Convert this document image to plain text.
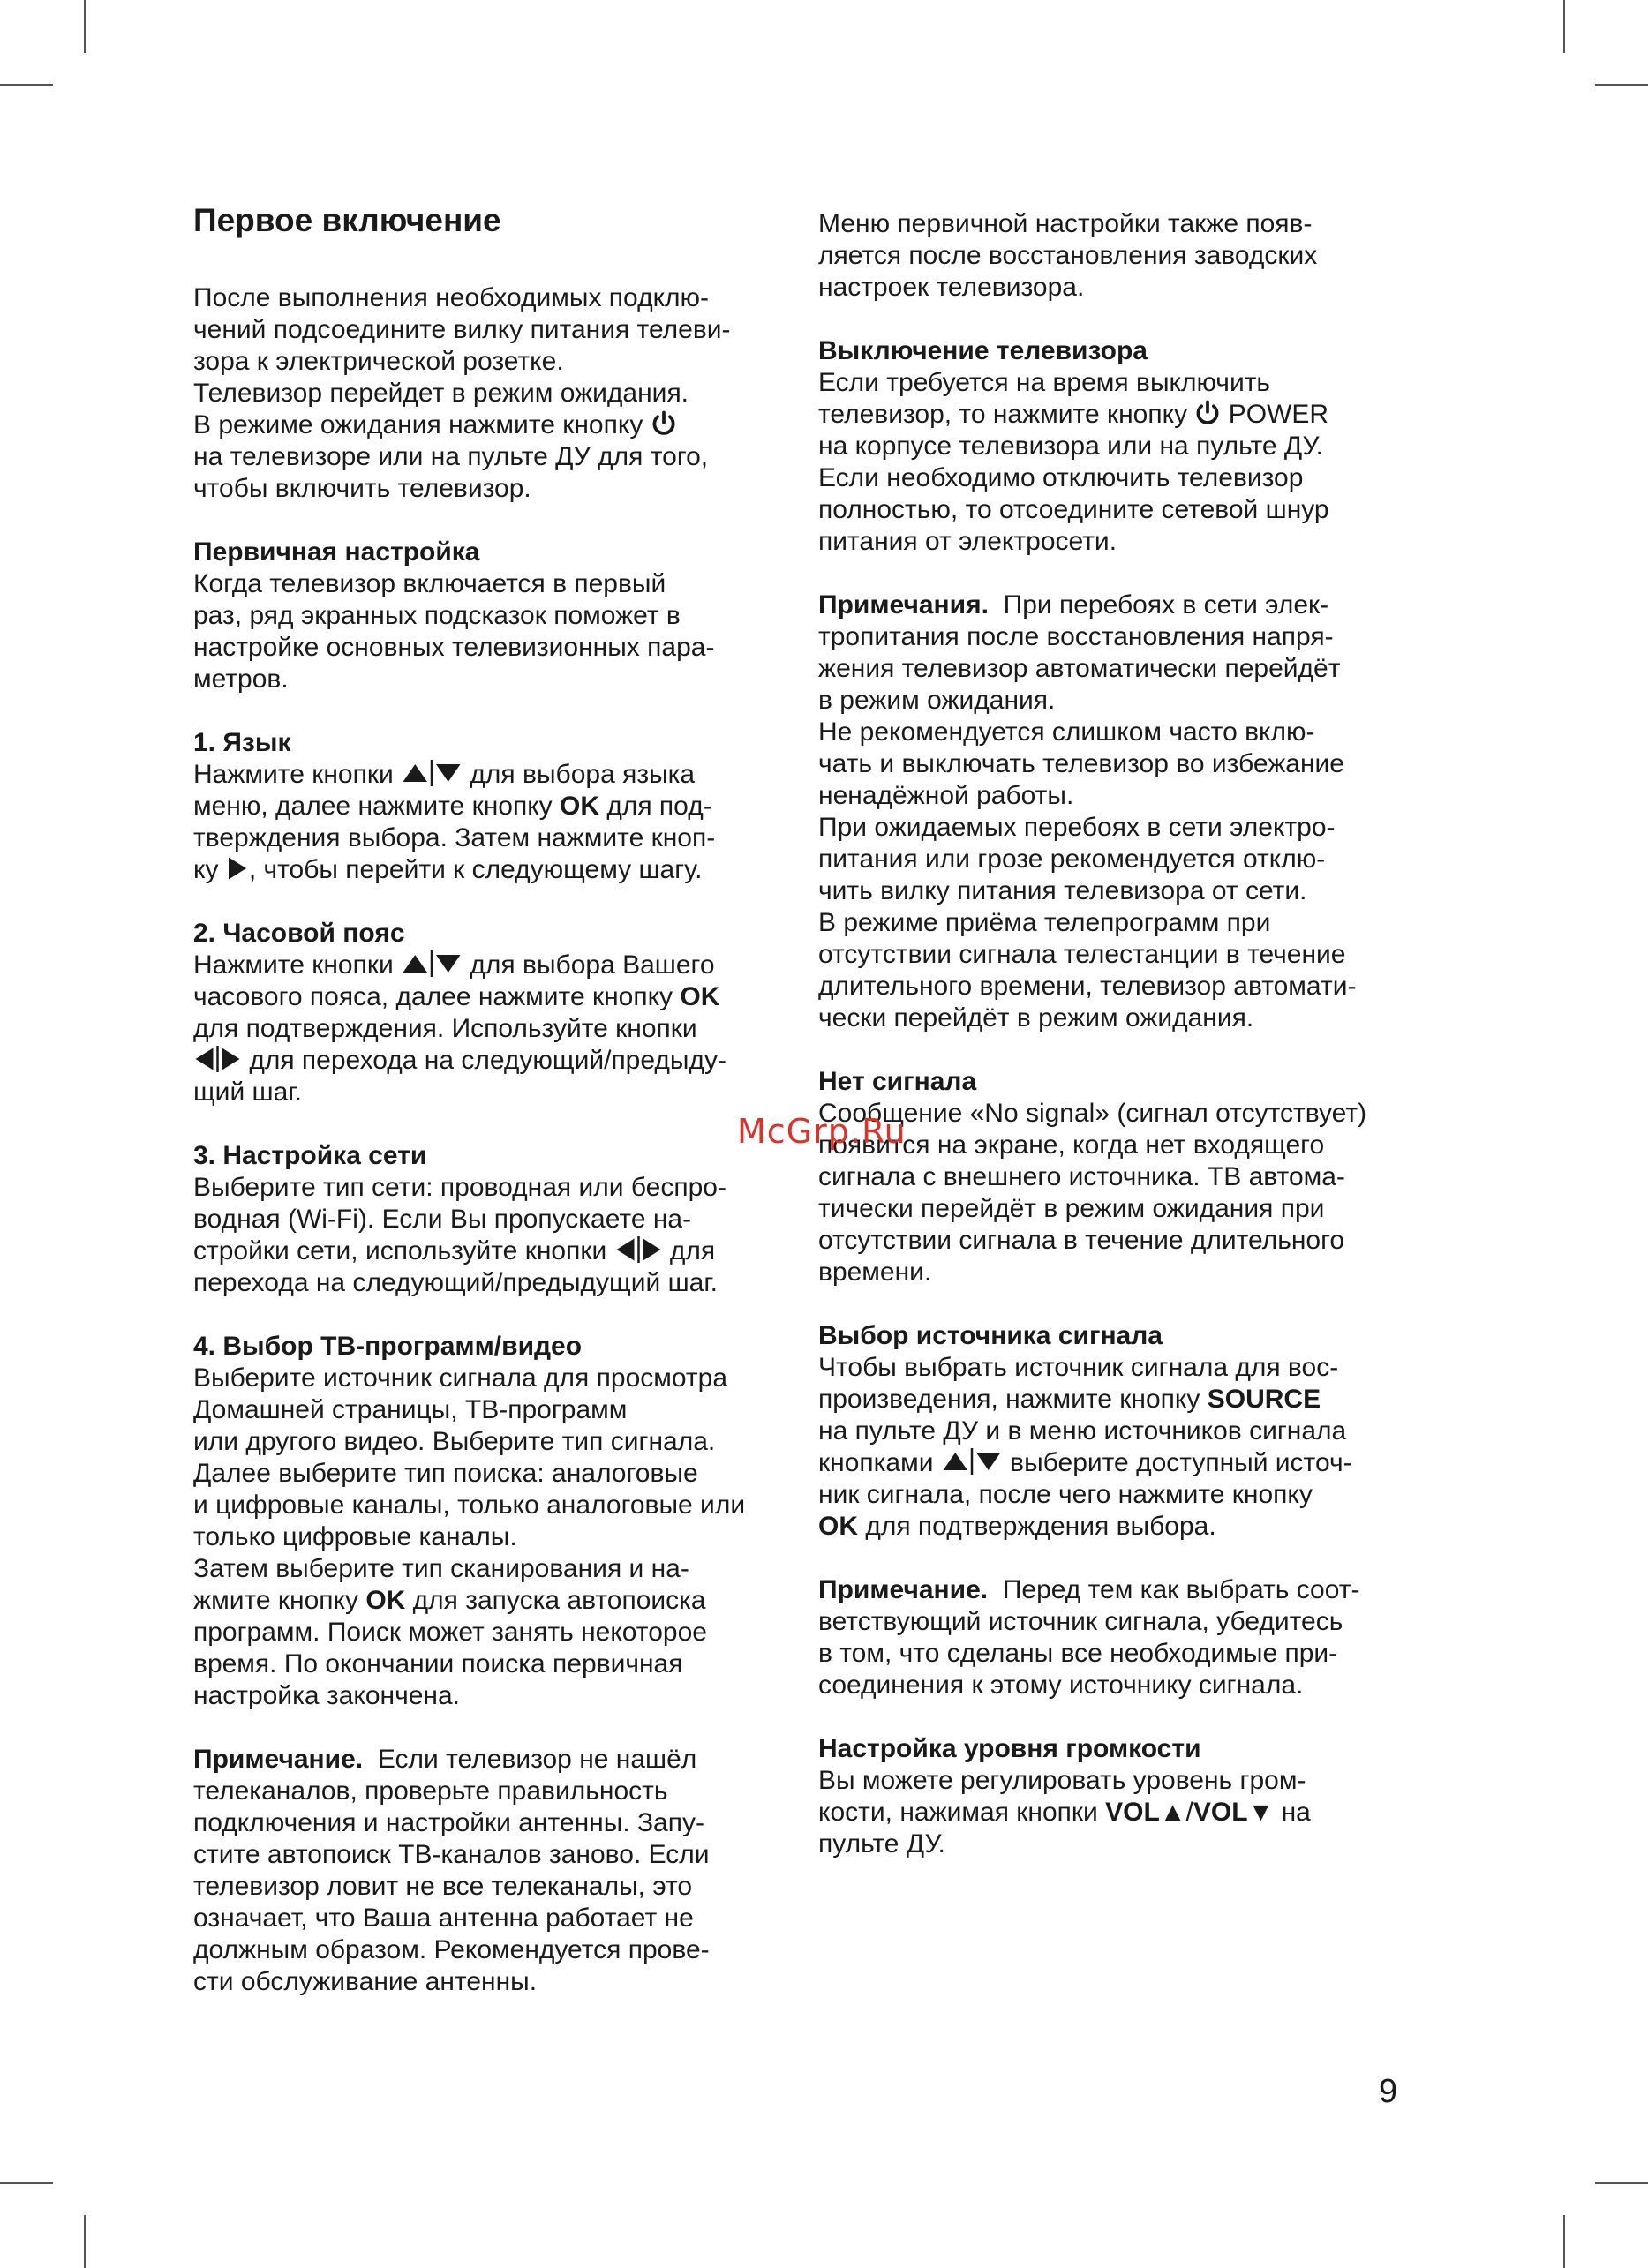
Первое включение

После выполнения необходимых подклю-

чений подсоедините вилку питания телеви-

зора к электрической розетке.

Телевизор перейдет в режим ожидания.

В режиме ожидания нажмите кнопку

на телевизоре или на пульте ДУ для того,

чтобы включить телевизор.

Первичная настройка

Когда телевизор включается в первый

раз, ряд экранных подсказок поможет в

настройке основных телевизионных пара-

метров.

1. Язык

Нажмите кнопки	для выбора языка

меню, далее нажмите кнопку OK для под-

тверждения выбора. Затем нажмите кноп-

ку , чтобы перейти к следующему шагу.

2. Часовой пояс

Нажмите кнопки	для выбора Вашего

часового пояса, далее нажмите кнопку OK

для подтверждения. Используйте кнопки

для перехода на следующий/предыду-

щий шаг.

3. Настройка сети

Выберите тип сети: проводная или беспро-

водная (Wi-Fi). Если Вы пропускаете на-

стройки сети, используйте кнопки для

перехода на следующий/предыдущий шаг.

4. Выбор ТВ-программ/видео

Выберите источник сигнала для просмотра

Домашней страницы, ТВ-программ

или другого видео. Выберите тип сигнала.

Далее выберите тип поиска: аналоговые

и цифровые каналы, только аналоговые или

только цифровые каналы.

Затем выберите тип сканирования и на-

жмите кнопку OK для запуска автопоиска

программ. Поиск может занять некоторое

время. По окончании поиска первичная

настройка закончена.

Примечание. Если телевизор не нашёл

телеканалов, проверьте правильность

подключения и настройки антенны. Запу-

стите автопоиск ТВ-каналов заново. Если

телевизор ловит не все телеканалы, это

означает, что Ваша антенна работает не

должным образом. Рекомендуется прове-

сти обслуживание антенны.

Меню первичной настройки также появ-

ляется после восстановления заводских

настроек телевизора.

Выключение телевизора

Если требуется на время выключить

телевизор, то нажмите кнопку POWER

на корпусе телевизора или на пульте ДУ.

Если необходимо отключить телевизор

полностью, то отсоедините сетевой шнур

питания от электросети.

Примечания. При перебоях в сети элек-

тропитания после восстановления напря-

жения телевизор автоматически перейдёт

в режим ожидания.

Не рекомендуется слишком часто вклю-

чать и выключать телевизор во избежание

ненадёжной работы.

При ожидаемых перебоях в сети электро-

питания или грозе рекомендуется отклю-

чить вилку питания телевизора от сети.

В режиме приёма телепрограмм при

отсутствии сигнала телестанции в течение

длительного времени, телевизор автомати-

чески перейдёт в режим ожидания.

Нет сигнала

Сообщение «No signal» (сигнал отсутствует)

появится на экране, когда нет входящего

сигнала с внешнего источника. ТВ автома-

тически перейдёт в режим ожидания при

отсутствии сигнала в течение длительного

времени.

Выбор источника сигнала

Чтобы выбрать источник сигнала для вос-

произведения, нажмите кнопку SOURCE

на пульте ДУ и в меню источников сигнала

кнопками	выберите доступный источ-

ник сигнала, после чего нажмите кнопку

OK для подтверждения выбора.

Примечание. Перед тем как выбрать соот-

ветствующий источник сигнала, убедитесь

в том, что сделаны все необходимые при-

соединения к этому источнику сигнала.

Настройка уровня громкости

Вы можете регулировать уровень гром-

кости, нажимая кнопки VOL▲/VOL▼ на

пульте ДУ.

McGrp.Ru
9
